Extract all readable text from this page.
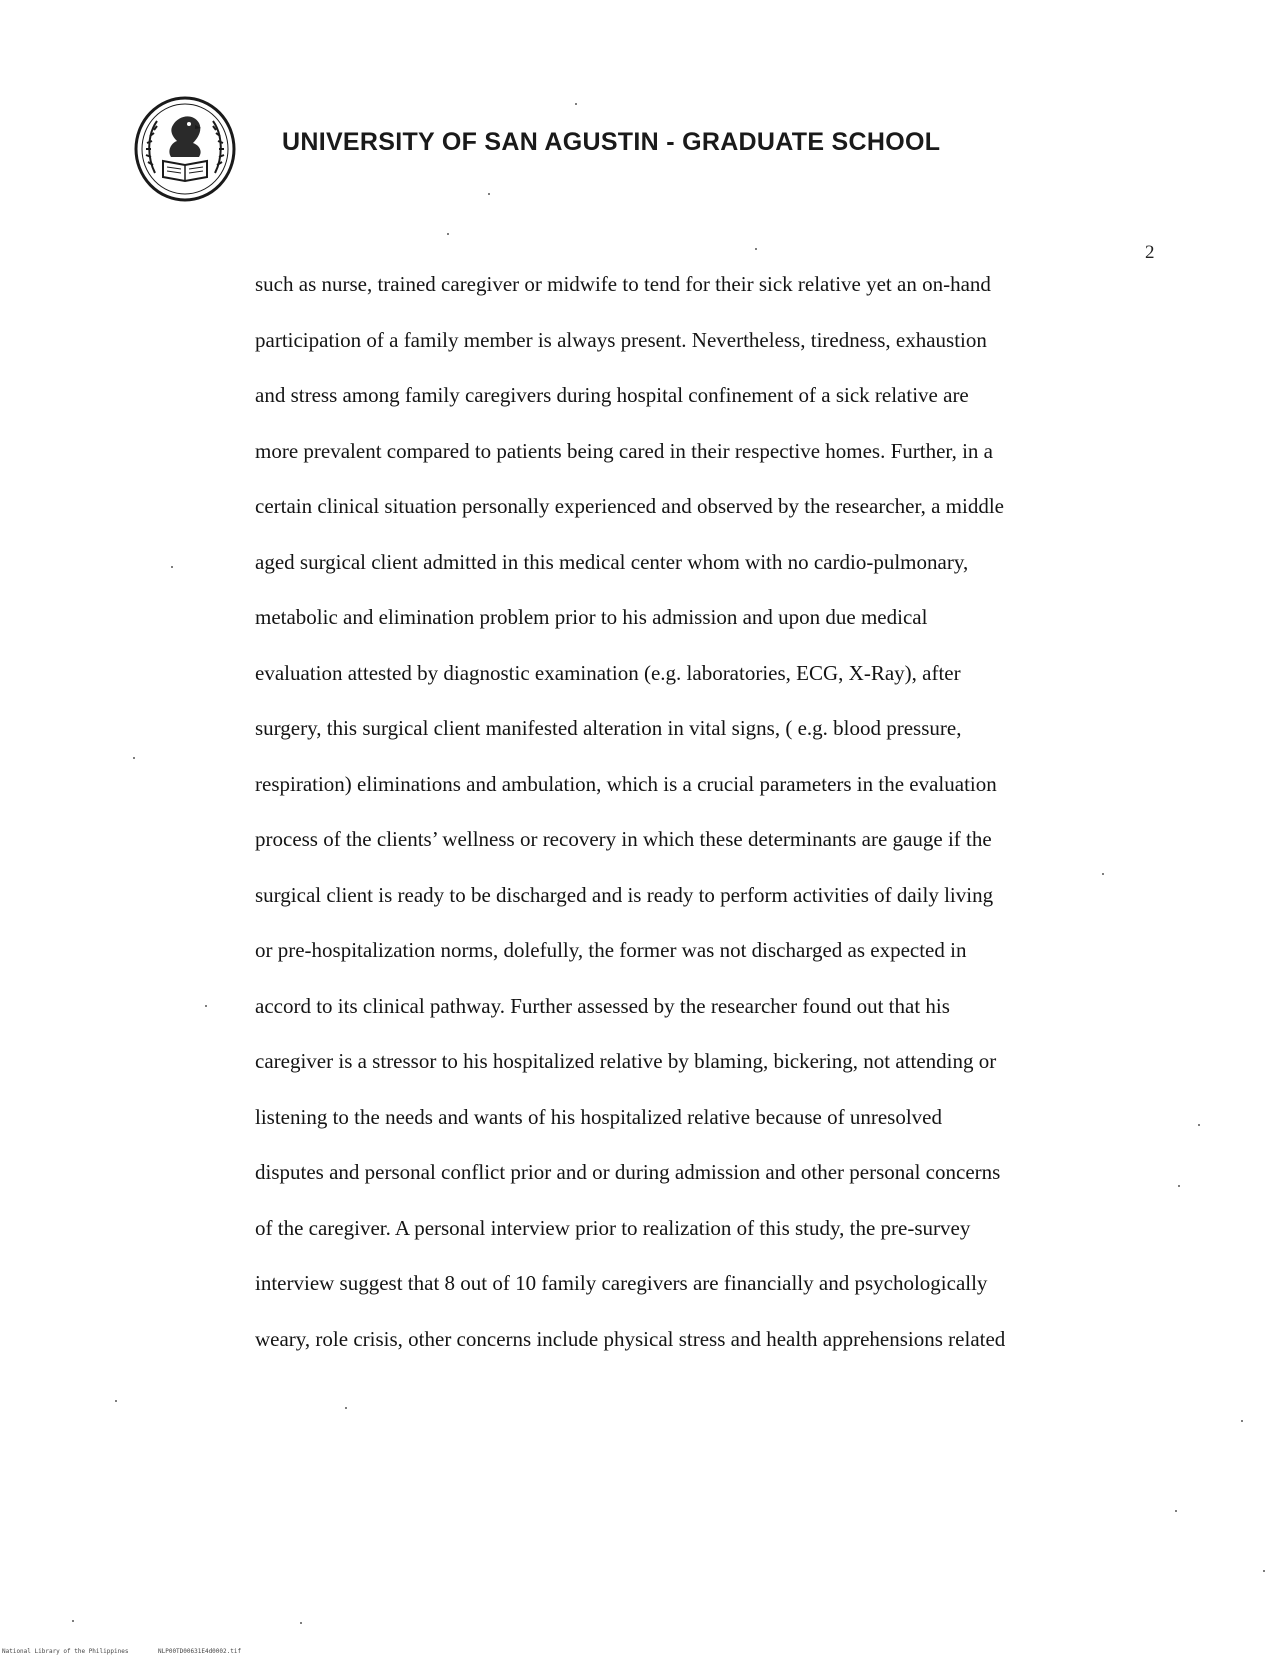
UNIVERSITY OF SAN AGUSTIN - GRADUATE SCHOOL
2
such as nurse, trained caregiver or midwife to tend for their sick relative yet an on-hand
participation of a family member is always present. Nevertheless, tiredness, exhaustion
and stress among family caregivers during hospital confinement of a sick relative are
more prevalent compared to patients being cared in their respective homes. Further, in a
certain clinical situation personally experienced and observed by the researcher, a middle
aged surgical client admitted in this medical center whom with no cardio-pulmonary,
metabolic and elimination problem prior to his admission and upon due medical
evaluation attested by diagnostic examination (e.g. laboratories, ECG, X-Ray), after
surgery, this surgical client manifested alteration in vital signs, ( e.g. blood pressure,
respiration) eliminations and ambulation, which is a crucial parameters in the evaluation
process of the clients’ wellness or recovery in which these determinants are gauge if the
surgical client is ready to be discharged and is ready to perform activities of daily living
or pre-hospitalization norms, dolefully, the former was not discharged as expected in
accord to its clinical pathway. Further assessed by the researcher found out that his
caregiver is a stressor to his hospitalized relative by blaming, bickering, not attending or
listening to the needs and wants of his hospitalized relative because of unresolved
disputes and personal conflict prior and or during admission and other personal concerns
of the caregiver. A personal interview prior to realization of this study, the pre-survey
interview suggest that 8 out of 10 family caregivers are financially and psychologically
weary, role crisis, other concerns include physical stress and health apprehensions related
National Library of the Philippines	NLP00TD00631E4d0002.tif
